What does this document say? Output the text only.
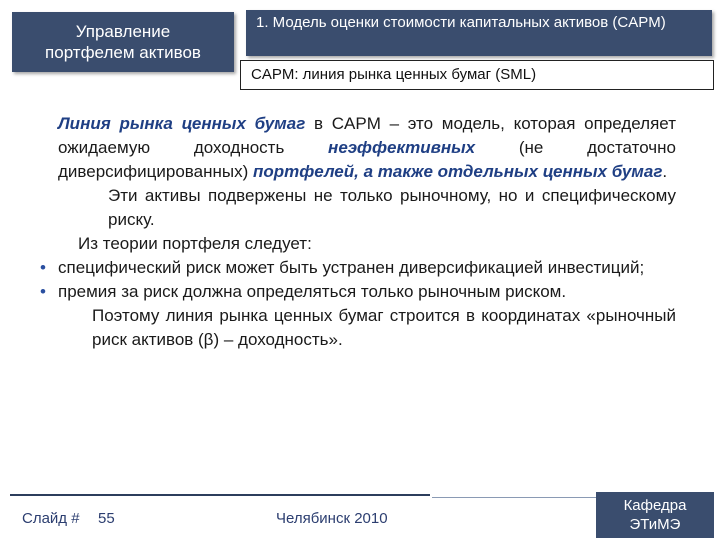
Управление
портфелем активов
1. Модель оценки стоимости капитальных активов (CAPM)
CAPM: линия рынка ценных бумаг (SML)

Линия рынка ценных бумаг в CAPM – это модель, которая определяет ожидаемую доходность неэффективных (не достаточно диверсифицированных) портфелей, а также отдельных ценных бумаг.

Эти активы подвержены не только рыночному, но и специфическому риску.

Из теории портфеля следует:

• специфический риск может быть устранен диверсификацией инвестиций;

• премия за риск должна определяться только рыночным риском.

Поэтому линия рынка ценных бумаг строится в координатах «рыночный риск активов (β) – доходность».

Слайд # 55	Челябинск 2010
Кафедра
ЭТиМЭ
